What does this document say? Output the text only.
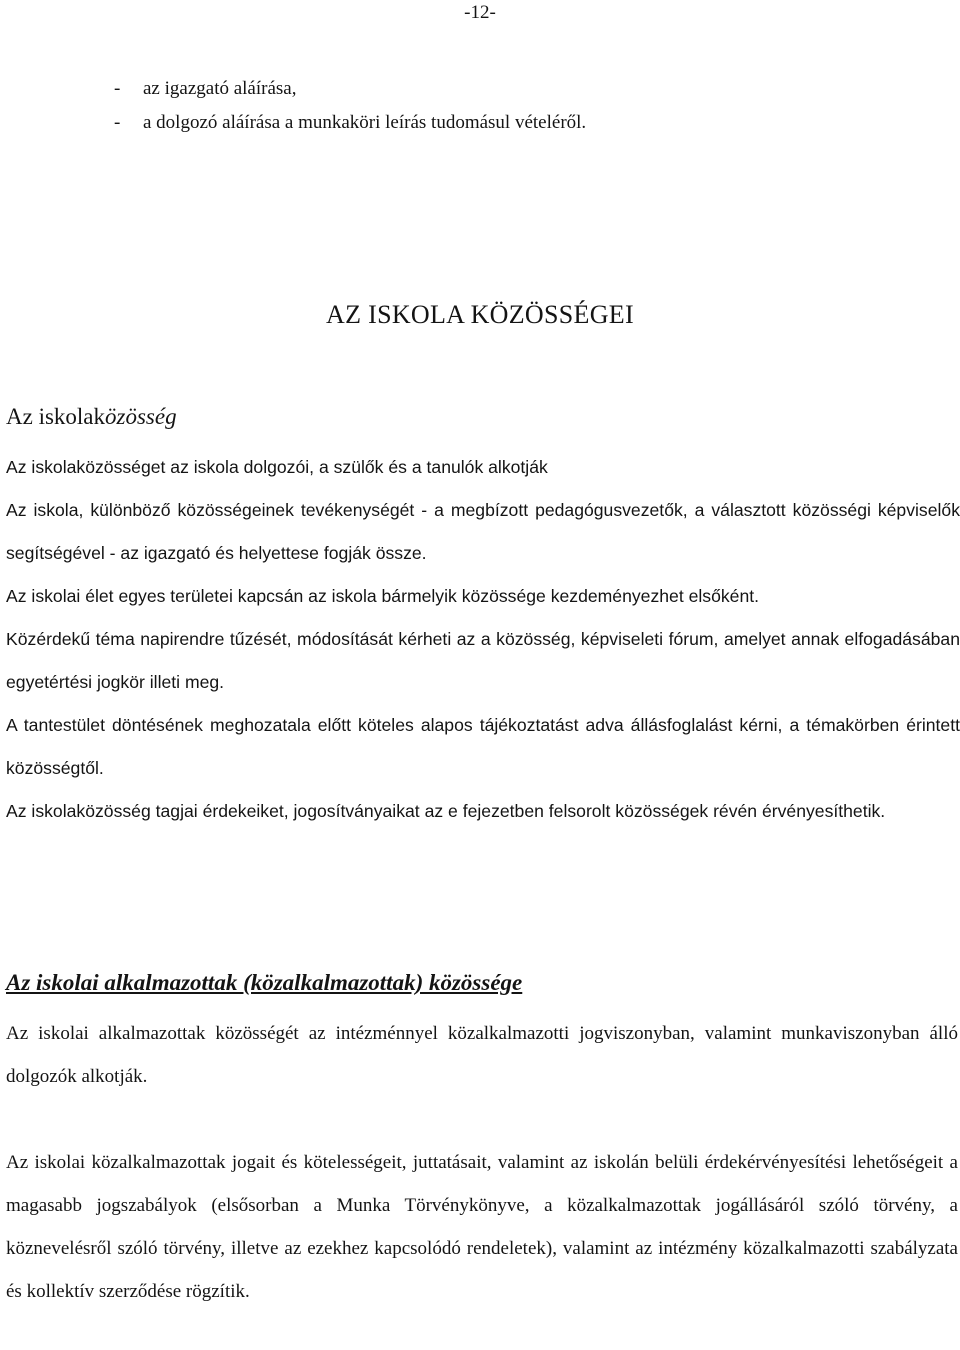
-12-
- az igazgató aláírása,
- a dolgozó aláírása a munkaköri leírás tudomásul vételéről.
AZ ISKOLA KÖZÖSSÉGEI
Az iskolaközösség

Az iskolaközösséget az iskola dolgozói, a szülők és a tanulók alkotják

Az iskola, különböző közösségeinek tevékenységét - a megbízott pedagógusvezetők, a választott közösségi képviselők segítségével - az igazgató és helyettese fogják össze.

Az iskolai élet egyes területei kapcsán az iskola bármelyik közössége kezdeményezhet elsőként.

Közérdekű téma napirendre tűzését, módosítását kérheti az a közösség, képviseleti fórum, amelyet annak elfogadásában egyetértési jogkör illeti meg.

A tantestület döntésének meghozatala előtt köteles alapos tájékoztatást adva állásfoglalást kérni, a témakörben érintett közösségtől.

Az iskolaközösség tagjai érdekeiket, jogosítványaikat az e fejezetben felsorolt közösségek révén érvényesíthetik.

Az iskolai alkalmazottak (közalkalmazottak) közössége

Az iskolai alkalmazottak közösségét az intézménnyel közalkalmazotti jogviszonyban, valamint munkaviszonyban álló dolgozók alkotják.

Az iskolai közalkalmazottak jogait és kötelességeit, juttatásait, valamint az iskolán belüli érdekérvényesítési lehetőségeit a magasabb jogszabályok (elsősorban a Munka Törvénykönyve, a közalkalmazottak jogállásáról szóló törvény, a köznevelésről szóló törvény, illetve az ezekhez kapcsolódó rendeletek), valamint az intézmény közalkalmazotti szabályzata és kollektív szerződése rögzítik.
